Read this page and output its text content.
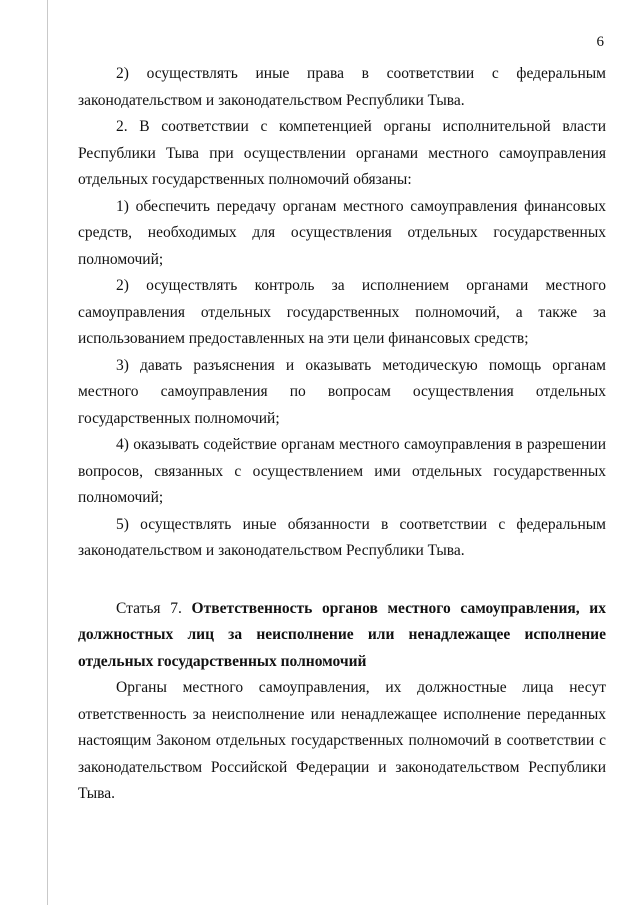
6

2) осуществлять иные права в соответствии с федеральным законодательством и законодательством Республики Тыва.

2. В соответствии с компетенцией органы исполнительной власти Республики Тыва при осуществлении органами местного самоуправления отдельных государственных полномочий обязаны:

1) обеспечить передачу органам местного самоуправления финансовых средств, необходимых для осуществления отдельных государственных полномочий;

2) осуществлять контроль за исполнением органами местного самоуправления отдельных государственных полномочий, а также за использованием предоставленных на эти цели финансовых средств;

3) давать разъяснения и оказывать методическую помощь органам местного самоуправления по вопросам осуществления отдельных государственных полномочий;

4) оказывать содействие органам местного самоуправления в разрешении вопросов, связанных с осуществлением ими отдельных государственных полномочий;

5) осуществлять иные обязанности в соответствии с федеральным законодательством и законодательством Республики Тыва.

Статья 7. Ответственность органов местного самоуправления, их должностных лиц за неисполнение или ненадлежащее исполнение отдельных государственных полномочий

Органы местного самоуправления, их должностные лица несут ответственность за неисполнение или ненадлежащее исполнение переданных настоящим Законом отдельных государственных полномочий в соответствии с законодательством Российской Федерации и законодательством Республики Тыва.
